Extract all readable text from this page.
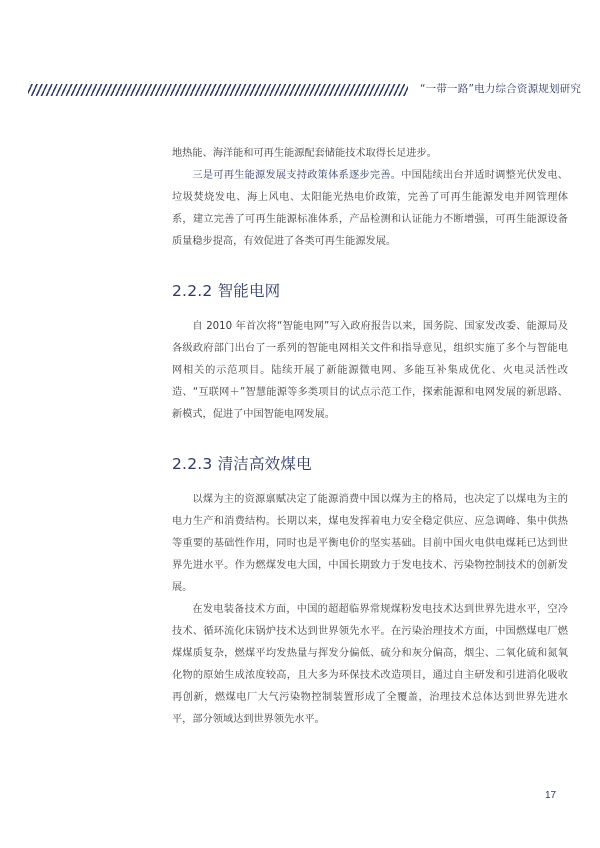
“一带一路”电力综合资源规划研究

地热能、海洋能和可再生能源配套储能技术取得长足进步。

三是可再生能源发展支持政策体系逐步完善。中国陆续出台并适时调整光伏发电、垃圾焚烧发电、海上风电、太阳能光热电价政策，完善了可再生能源发电并网管理体系，建立完善了可再生能源标准体系，产品检测和认证能力不断增强，可再生能源设备质量稳步提高，有效促进了各类可再生能源发展。

2.2.2 智能电网

自 2010 年首次将“智能电网”写入政府报告以来，国务院、国家发改委、能源局及各级政府部门出台了一系列的智能电网相关文件和指导意见，组织实施了多个与智能电网相关的示范项目。陆续开展了新能源微电网、多能互补集成优化、火电灵活性改造、“互联网＋”智慧能源等多类项目的试点示范工作，探索能源和电网发展的新思路、新模式，促进了中国智能电网发展。

2.2.3 清洁高效煤电

以煤为主的资源禀赋决定了能源消费中国以煤为主的格局，也决定了以煤电为主的电力生产和消费结构。长期以来，煤电发挥着电力安全稳定供应、应急调峰、集中供热等重要的基础性作用，同时也是平衡电价的坚实基础。目前中国火电供电煤耗已达到世界先进水平。作为燃煤发电大国，中国长期致力于发电技术、污染物控制技术的创新发展。

在发电装备技术方面，中国的超超临界常规煤粉发电技术达到世界先进水平，空冷技术、循环流化床锅炉技术达到世界领先水平。在污染治理技术方面，中国燃煤电厂燃煤煤质复杂，燃煤平均发热量与挥发分偏低、硫分和灰分偏高，烟尘、二氧化硫和氮氧化物的原始生成浓度较高，且大多为环保技术改造项目，通过自主研发和引进消化吸收再创新，燃煤电厂大气污染物控制装置形成了全覆盖，治理技术总体达到世界先进水平，部分领域达到世界领先水平。

17
